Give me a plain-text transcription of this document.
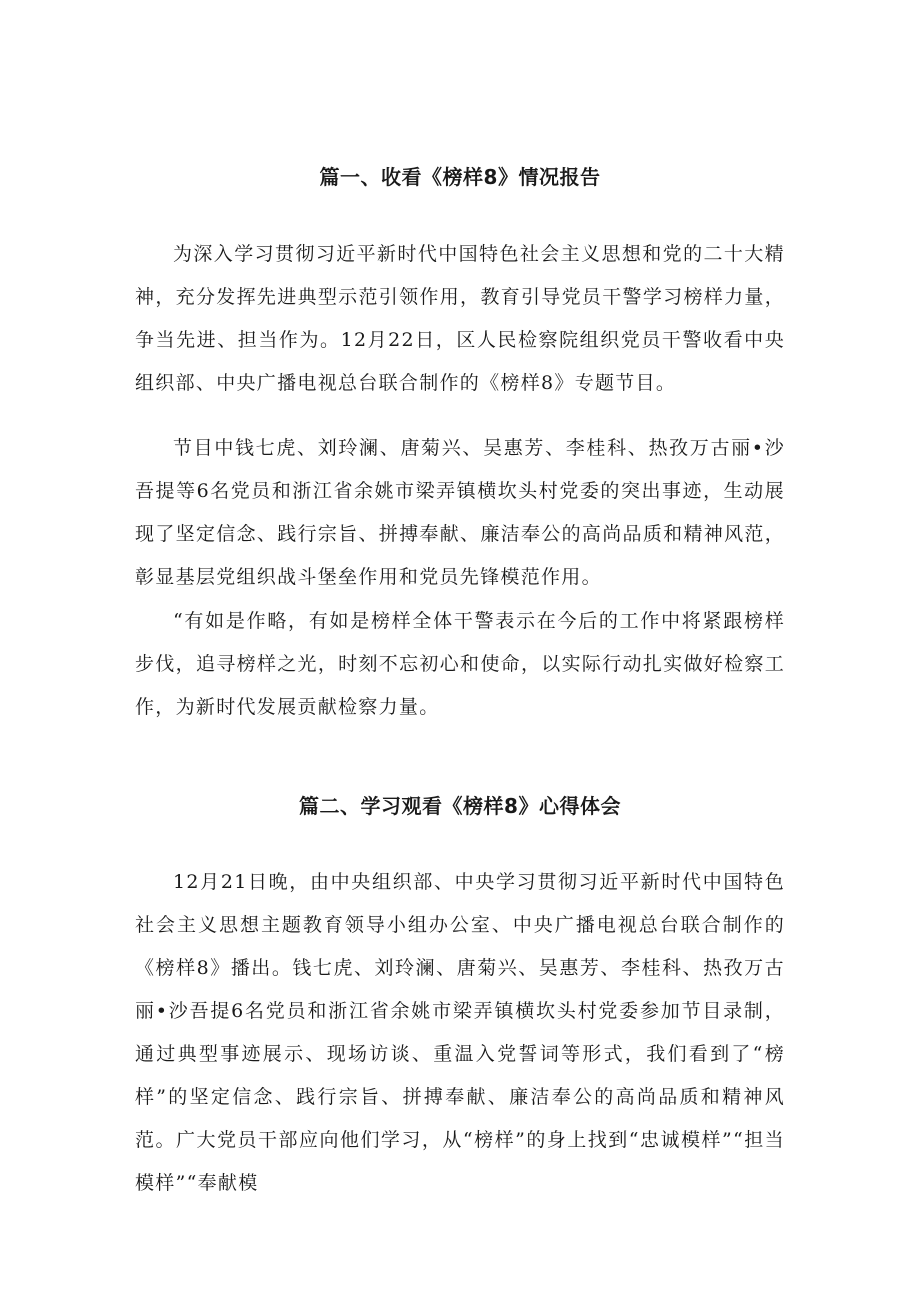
篇一、收看《榜样8》情况报告

为深入学习贯彻习近平新时代中国特色社会主义思想和党的二十大精神，充分发挥先进典型示范引领作用，教育引导党员干警学习榜样力量，争当先进、担当作为。12月22日，区人民检察院组织党员干警收看中央组织部、中央广播电视总台联合制作的《榜样8》专题节目。

节目中钱七虎、刘玲澜、唐菊兴、吴惠芳、李桂科、热孜万古丽•沙吾提等6名党员和浙江省余姚市梁弄镇横坎头村党委的突出事迹，生动展现了坚定信念、践行宗旨、拼搏奉献、廉洁奉公的高尚品质和精神风范，彰显基层党组织战斗堡垒作用和党员先锋模范作用。

“有如是作略，有如是榜样全体干警表示在今后的工作中将紧跟榜样步伐，追寻榜样之光，时刻不忘初心和使命，以实际行动扎实做好检察工作，为新时代发展贡献检察力量。

篇二、学习观看《榜样8》心得体会

12月21日晚，由中央组织部、中央学习贯彻习近平新时代中国特色社会主义思想主题教育领导小组办公室、中央广播电视总台联合制作的《榜样8》播出。钱七虎、刘玲澜、唐菊兴、吴惠芳、李桂科、热孜万古丽•沙吾提6名党员和浙江省余姚市梁弄镇横坎头村党委参加节目录制，通过典型事迹展示、现场访谈、重温入党誓词等形式，我们看到了“榜样”的坚定信念、践行宗旨、拼搏奉献、廉洁奉公的高尚品质和精神风范。广大党员干部应向他们学习，从“榜样”的身上找到“忠诚模样”“担当模样”“奉献模
